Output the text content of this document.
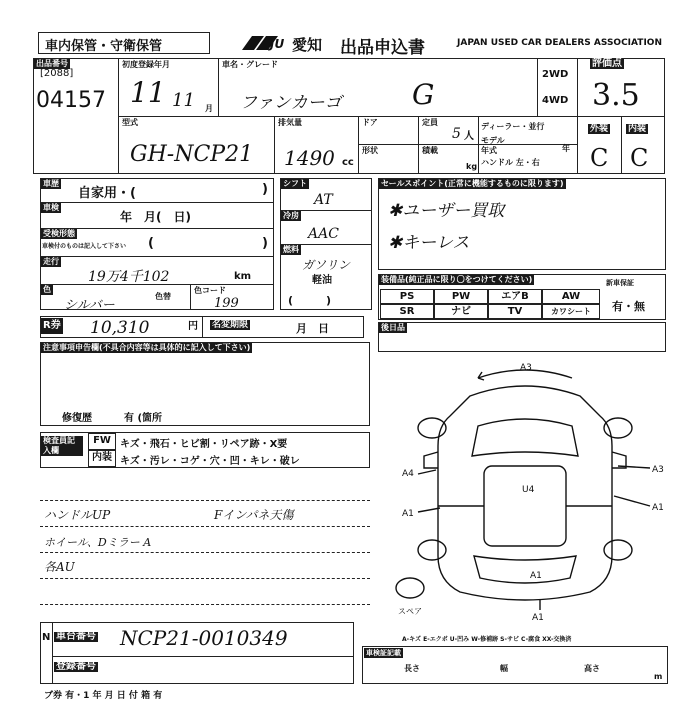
車内保管・守衛保管	JU 愛知 出品申込書	JAPAN USED CAR DEALERS ASSOCIATION
出品番号
[2088]
04157
初度登録年月
11 11 月
車名・グレード
ファンカーゴ	G
2WD
4WD
評価点
3.5
型式
GH-NCP21
排気量
1490 cc
ドア
形状
定員
5 人
積載
kg
ディーラー・並行
モデル年式	年
ハンドル 左・右
外装 内装
C C
車歴
自家用・(	)
車検
年　月(　日)
受検形態
車検付のものは記入して下さい (	)
走行
19万4千102	km
色
シルバー
色替
色コード
199
R券 10,310	円 名変期限	月　日
シフト
AT
冷房
AAC
燃料
ガソリン
軽油
(　　　)
セールスポイント(正常に機能するものに限ります)
✱ユーザー買取
✱キーレス
装備品(純正品に限り〇をつけてください)
PS	PW	エアB	AW
SR	ナビ	TV	カワシート
新車保証
有・無
後日品
注意事項申告欄(不具合内容等は具体的に記入して下さい)
修復歴	有 (箇所
検査員記入欄
FW キズ・飛石・ヒビ割・リペア跡・X要
内装 キズ・汚レ・コゲ・穴・凹・キレ・破レ
ハンドルUP	Fインパネ天傷
ホイール、Dミラー A
各AU
A3
A4
A1
U4
A3
A1
A1
A1
スペア
A-キズ E-エクボ U-凹み W-修補跡 S-サビ C-腐食 XX-交換済
N 車台番号 NCP21-0010349
登録番号
車検証記載
長さ	幅	高さ
m
ブ券 有・1 年 月 日 付 箱 有
